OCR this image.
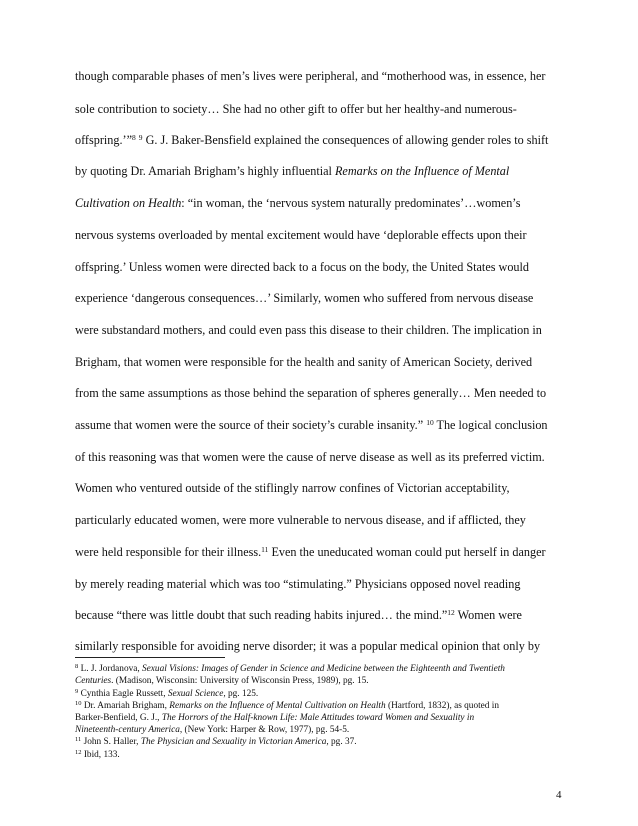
though comparable phases of men’s lives were peripheral, and “motherhood was, in essence, her
sole contribution to society… She had no other gift to offer but her healthy-and numerous-
offspring.’”$^8$ $^9$ G. J. Baker-Bensfield explained the consequences of allowing gender roles to shift
by quoting Dr. Amariah Brigham’s highly influential Remarks on the Influence of Mental
Cultivation on Health: “in woman, the ‘nervous system naturally predominates’…women’s
nervous systems overloaded by mental excitement would have ‘deplorable effects upon their
offspring.’ Unless women were directed back to a focus on the body, the United States would
experience ‘dangerous consequences…’ Similarly, women who suffered from nervous disease
were substandard mothers, and could even pass this disease to their children. The implication in
Brigham, that women were responsible for the health and sanity of American Society, derived
from the same assumptions as those behind the separation of spheres generally… Men needed to
assume that women were the source of their society’s curable insanity.” $^{10}$ The logical conclusion
of this reasoning was that women were the cause of nerve disease as well as its preferred victim.
Women who ventured outside of the stiflingly narrow confines of Victorian acceptability,
particularly educated women, were more vulnerable to nervous disease, and if afflicted, they
were held responsible for their illness.$^{11}$ Even the uneducated woman could put herself in danger
by merely reading material which was too “stimulating.” Physicians opposed novel reading
because “there was little doubt that such reading habits injured… the mind.”$^{12}$ Women were
similarly responsible for avoiding nerve disorder; it was a popular medical opinion that only by
$^8$ L. J. Jordanova, Sexual Visions: Images of Gender in Science and Medicine between the Eighteenth and Twentieth
Centuries. (Madison, Wisconsin: University of Wisconsin Press, 1989), pg. 15.
$^9$ Cynthia Eagle Russett, Sexual Science, pg. 125.
$^{10}$ Dr. Amariah Brigham, Remarks on the Influence of Mental Cultivation on Health (Hartford, 1832), as quoted in
Barker-Benfield, G. J., The Horrors of the Half-known Life: Male Attitudes toward Women and Sexuality in
Nineteenth-century America, (New York: Harper & Row, 1977), pg. 54-5.
$^{11}$ John S. Haller, The Physician and Sexuality in Victorian America, pg. 37.
$^{12}$ Ibid, 133.
4
